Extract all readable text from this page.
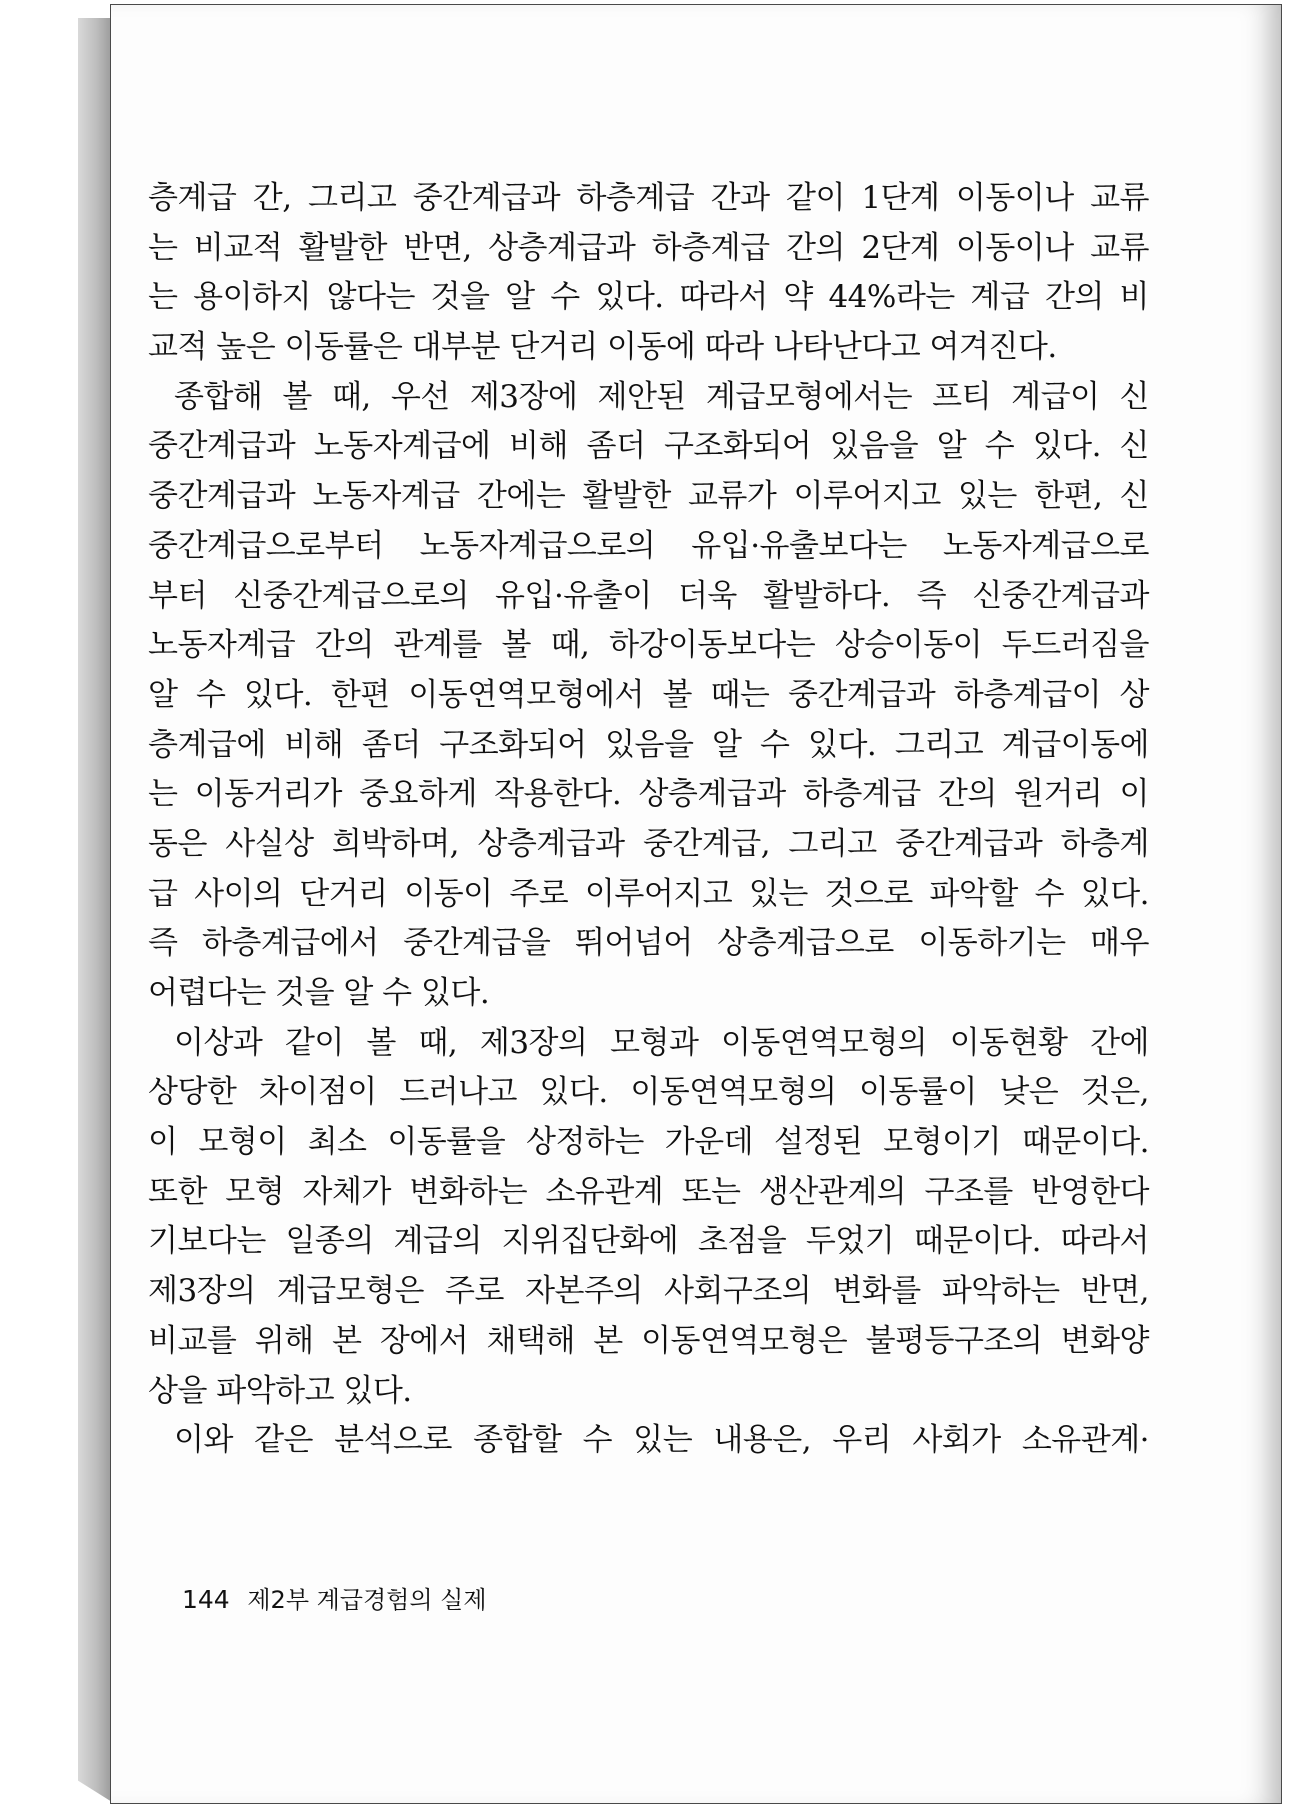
층계급 간, 그리고 중간계급과 하층계급 간과 같이 1단계 이동이나 교류
는 비교적 활발한 반면, 상층계급과 하층계급 간의 2단계 이동이나 교류
는 용이하지 않다는 것을 알 수 있다. 따라서 약 44%라는 계급 간의 비
교적 높은 이동률은 대부분 단거리 이동에 따라 나타난다고 여겨진다.
종합해 볼 때, 우선 제3장에 제안된 계급모형에서는 프티 계급이 신
중간계급과 노동자계급에 비해 좀더 구조화되어 있음을 알 수 있다. 신
중간계급과 노동자계급 간에는 활발한 교류가 이루어지고 있는 한편, 신
중간계급으로부터 노동자계급으로의 유입·유출보다는 노동자계급으로
부터 신중간계급으로의 유입·유출이 더욱 활발하다. 즉 신중간계급과
노동자계급 간의 관계를 볼 때, 하강이동보다는 상승이동이 두드러짐을
알 수 있다. 한편 이동연역모형에서 볼 때는 중간계급과 하층계급이 상
층계급에 비해 좀더 구조화되어 있음을 알 수 있다. 그리고 계급이동에
는 이동거리가 중요하게 작용한다. 상층계급과 하층계급 간의 원거리 이
동은 사실상 희박하며, 상층계급과 중간계급, 그리고 중간계급과 하층계
급 사이의 단거리 이동이 주로 이루어지고 있는 것으로 파악할 수 있다.
즉 하층계급에서 중간계급을 뛰어넘어 상층계급으로 이동하기는 매우
어렵다는 것을 알 수 있다.
이상과 같이 볼 때, 제3장의 모형과 이동연역모형의 이동현황 간에
상당한 차이점이 드러나고 있다. 이동연역모형의 이동률이 낮은 것은,
이 모형이 최소 이동률을 상정하는 가운데 설정된 모형이기 때문이다.
또한 모형 자체가 변화하는 소유관계 또는 생산관계의 구조를 반영한다
기보다는 일종의 계급의 지위집단화에 초점을 두었기 때문이다. 따라서
제3장의 계급모형은 주로 자본주의 사회구조의 변화를 파악하는 반면,
비교를 위해 본 장에서 채택해 본 이동연역모형은 불평등구조의 변화양
상을 파악하고 있다.
이와 같은 분석으로 종합할 수 있는 내용은, 우리 사회가 소유관계·
144 제2부 계급경험의 실제
